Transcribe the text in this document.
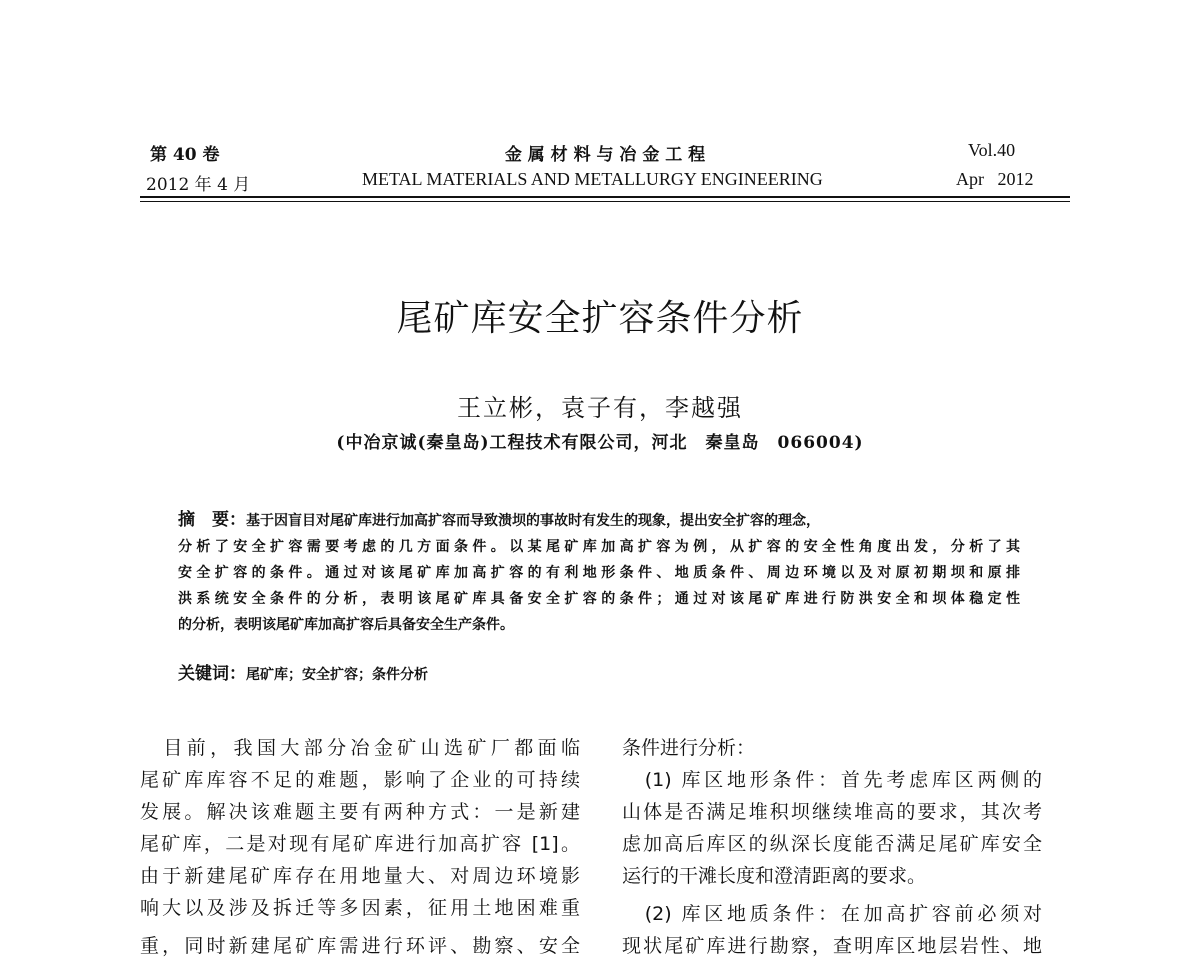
第 40 卷
2012 年 4 月
金 属 材 料 与 冶 金 工 程
METAL MATERIALS AND METALLURGY ENGINEERING
Vol.40
Apr   2012
尾矿库安全扩容条件分析
王立彬，袁子有，李越强
(中冶京诚(秦皇岛)工程技术有限公司，河北　秦皇岛　066004)
摘　要：基于因盲目对尾矿库进行加高扩容而导致溃坝的事故时有发生的现象，提出安全扩容的理念，
分析了安全扩容需要考虑的几方面条件。以某尾矿库加高扩容为例，从扩容的安全性角度出发，分析了其
安全扩容的条件。通过对该尾矿库加高扩容的有利地形条件、地质条件、周边环境以及对原初期坝和原排
洪系统安全条件的分析，表明该尾矿库具备安全扩容的条件；通过对该尾矿库进行防洪安全和坝体稳定性
的分析，表明该尾矿库加高扩容后具备安全生产条件。
关键词：尾矿库；安全扩容；条件分析
　目前，我国大部分冶金矿山选矿厂都面临
尾矿库库容不足的难题，影响了企业的可持续
发展。解决该难题主要有两种方式：一是新建
尾矿库，二是对现有尾矿库进行加高扩容 [1]。
由于新建尾矿库存在用地量大、对周边环境影
响大以及涉及拆迁等多因素，征用土地困难重
重，同时新建尾矿库需进行环评、勘察、安全
条件进行分析：
　(1) 库区地形条件：首先考虑库区两侧的
山体是否满足堆积坝继续堆高的要求，其次考
虑加高后库区的纵深长度能否满足尾矿库安全
运行的干滩长度和澄清距离的要求。
　(2) 库区地质条件：在加高扩容前必须对
现状尾矿库进行勘察，查明库区地层岩性、地
